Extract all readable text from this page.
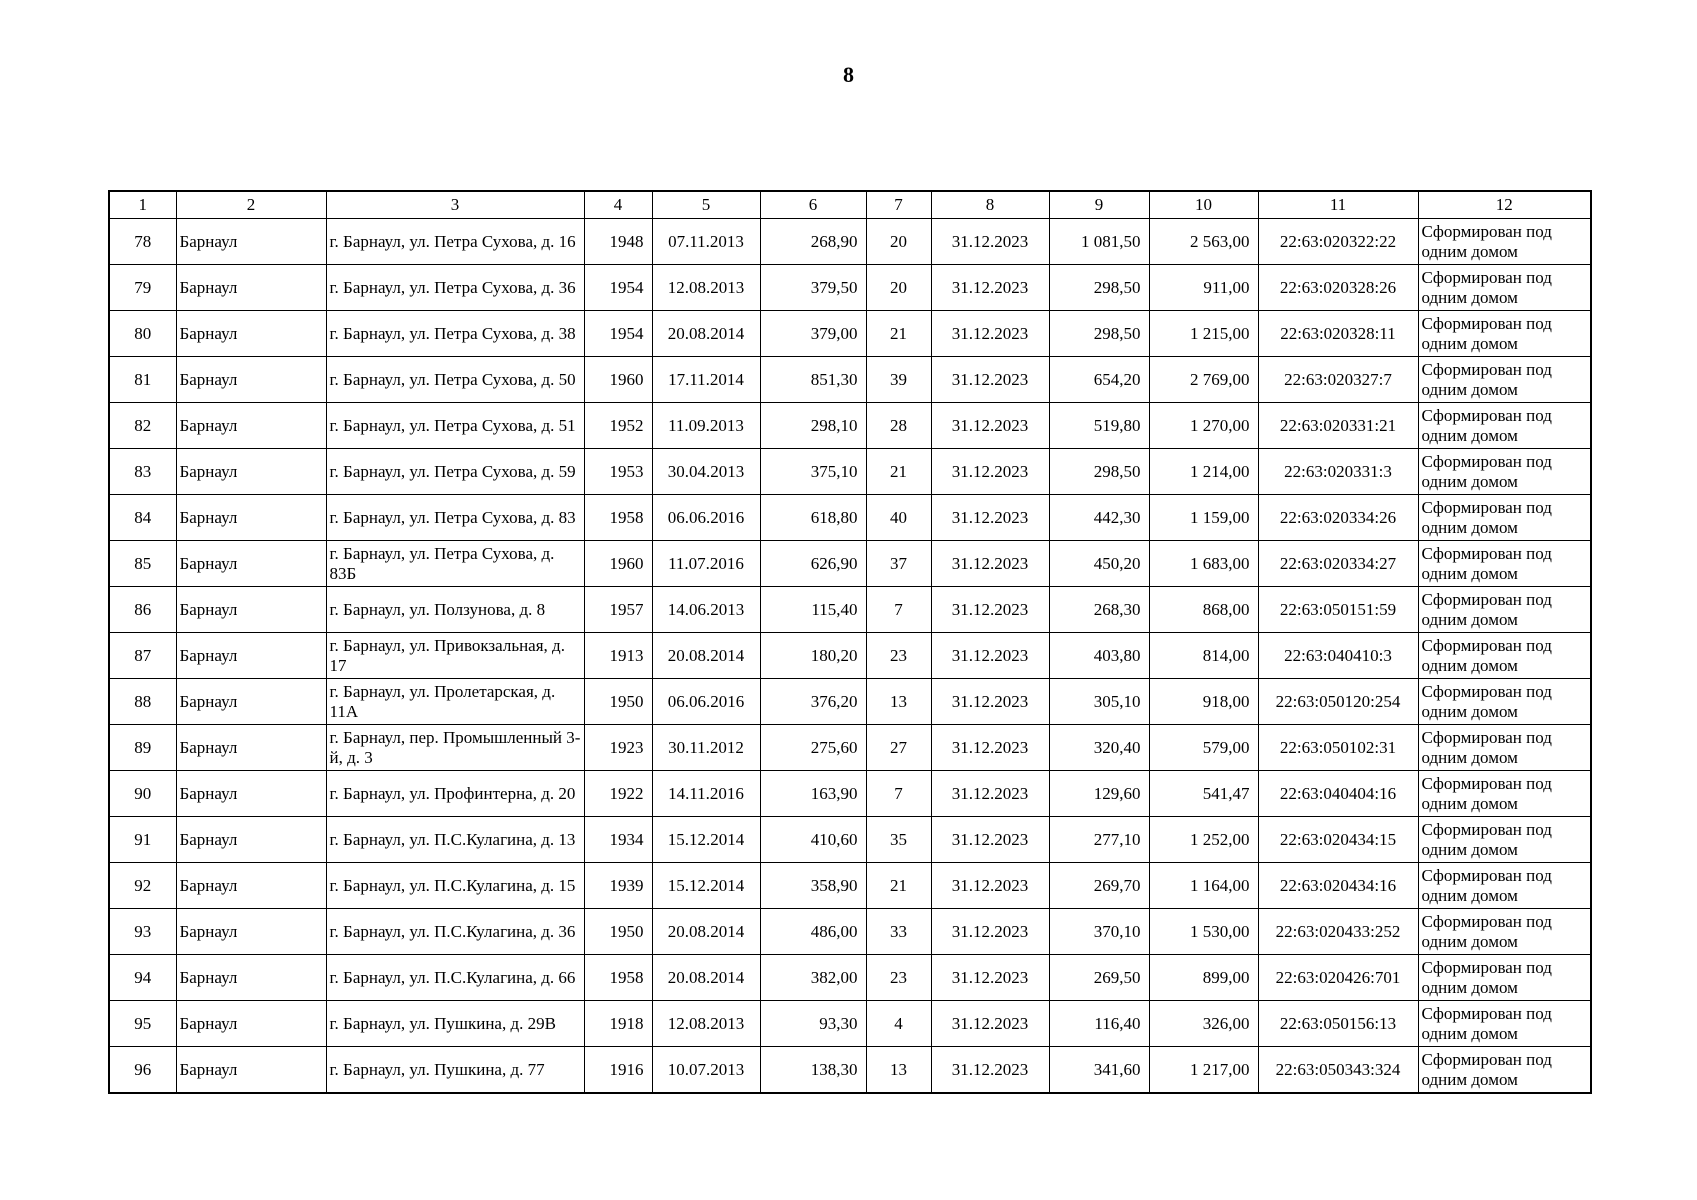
8
1	2	3	4	5	6	7	8	9	10	11	12
78	Барнаул	г. Барнаул, ул. Петра Сухова, д. 16	1948	07.11.2013	268,90	20	31.12.2023	1 081,50	2 563,00	22:63:020322:22	Сформирован под одним домом
79	Барнаул	г. Барнаул, ул. Петра Сухова, д. 36	1954	12.08.2013	379,50	20	31.12.2023	298,50	911,00	22:63:020328:26	Сформирован под одним домом
80	Барнаул	г. Барнаул, ул. Петра Сухова, д. 38	1954	20.08.2014	379,00	21	31.12.2023	298,50	1 215,00	22:63:020328:11	Сформирован под одним домом
81	Барнаул	г. Барнаул, ул. Петра Сухова, д. 50	1960	17.11.2014	851,30	39	31.12.2023	654,20	2 769,00	22:63:020327:7	Сформирован под одним домом
82	Барнаул	г. Барнаул, ул. Петра Сухова, д. 51	1952	11.09.2013	298,10	28	31.12.2023	519,80	1 270,00	22:63:020331:21	Сформирован под одним домом
83	Барнаул	г. Барнаул, ул. Петра Сухова, д. 59	1953	30.04.2013	375,10	21	31.12.2023	298,50	1 214,00	22:63:020331:3	Сформирован под одним домом
84	Барнаул	г. Барнаул, ул. Петра Сухова, д. 83	1958	06.06.2016	618,80	40	31.12.2023	442,30	1 159,00	22:63:020334:26	Сформирован под одним домом
85	Барнаул	г. Барнаул, ул. Петра Сухова, д. 83Б	1960	11.07.2016	626,90	37	31.12.2023	450,20	1 683,00	22:63:020334:27	Сформирован под одним домом
86	Барнаул	г. Барнаул, ул. Ползунова, д. 8	1957	14.06.2013	115,40	7	31.12.2023	268,30	868,00	22:63:050151:59	Сформирован под одним домом
87	Барнаул	г. Барнаул, ул. Привокзальная, д. 17	1913	20.08.2014	180,20	23	31.12.2023	403,80	814,00	22:63:040410:3	Сформирован под одним домом
88	Барнаул	г. Барнаул, ул. Пролетарская, д. 11А	1950	06.06.2016	376,20	13	31.12.2023	305,10	918,00	22:63:050120:254	Сформирован под одним домом
89	Барнаул	г. Барнаул, пер. Промышленный 3-й, д. 3	1923	30.11.2012	275,60	27	31.12.2023	320,40	579,00	22:63:050102:31	Сформирован под одним домом
90	Барнаул	г. Барнаул, ул. Профинтерна, д. 20	1922	14.11.2016	163,90	7	31.12.2023	129,60	541,47	22:63:040404:16	Сформирован под одним домом
91	Барнаул	г. Барнаул, ул. П.С.Кулагина, д. 13	1934	15.12.2014	410,60	35	31.12.2023	277,10	1 252,00	22:63:020434:15	Сформирован под одним домом
92	Барнаул	г. Барнаул, ул. П.С.Кулагина, д. 15	1939	15.12.2014	358,90	21	31.12.2023	269,70	1 164,00	22:63:020434:16	Сформирован под одним домом
93	Барнаул	г. Барнаул, ул. П.С.Кулагина, д. 36	1950	20.08.2014	486,00	33	31.12.2023	370,10	1 530,00	22:63:020433:252	Сформирован под одним домом
94	Барнаул	г. Барнаул, ул. П.С.Кулагина, д. 66	1958	20.08.2014	382,00	23	31.12.2023	269,50	899,00	22:63:020426:701	Сформирован под одним домом
95	Барнаул	г. Барнаул, ул. Пушкина, д. 29В	1918	12.08.2013	93,30	4	31.12.2023	116,40	326,00	22:63:050156:13	Сформирован под одним домом
96	Барнаул	г. Барнаул, ул. Пушкина, д. 77	1916	10.07.2013	138,30	13	31.12.2023	341,60	1 217,00	22:63:050343:324	Сформирован под одним домом
